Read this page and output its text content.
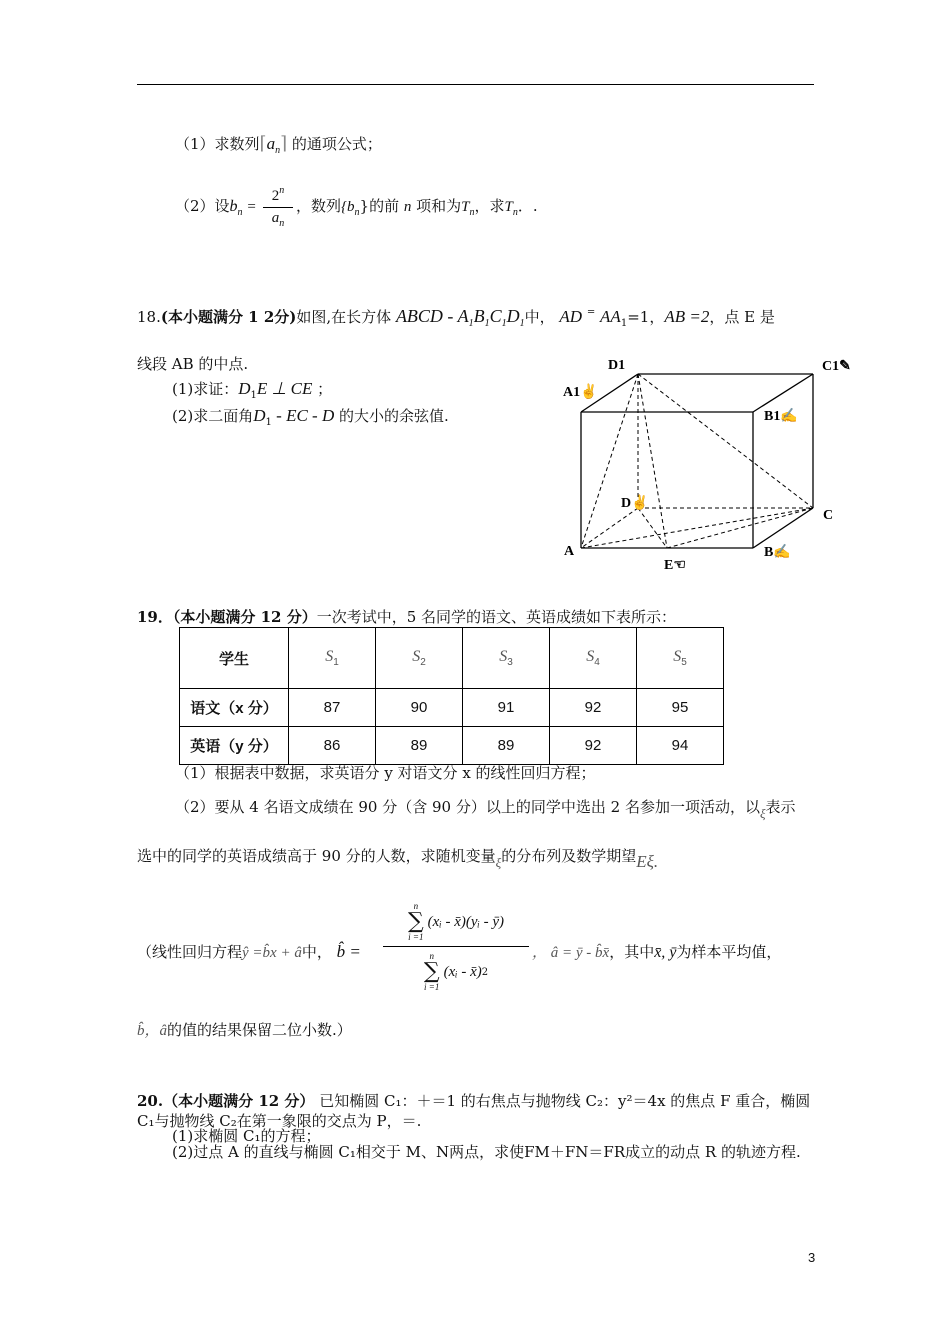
（1）求数列$⌈a_n⌉$ 的通项公式；
（2）设$b_n$ =
$2^n$
$a_n$
，数列$\{b_n\}$的前 n 项和为$T_n$，求$T_n$．.
18.(本小题满分 1 2分)如图,在长方体 ABCD - $A_1B_1C_1D_1$中， AD = $AA_1=1$，AB =2，点 E 是
线段 AB 的中点.
(1)求证：$D_1E$ ⊥ CE ；
(2)求二面角$D_1$ - EC - D 的大小的余弦值.
D1	C1✎
A1✌
B1✍
D✌
C
A	B✍
E☜
19．（本小题满分 12 分）一次考试中，5 名同学的语文、英语成绩如下表所示：
学生	$S_1$	$S_2$	$S_3$	$S_4$	$S_5$
语文（x 分）	87	90	91	92	95
英语（y 分）	86	89	89	92	94
（1）根据表中数据，求英语分 y 对语文分 x 的线性回归方程；
（2）要从 4 名语文成绩在 90 分（含 90 分）以上的同学中选出 2 名参加一项活动，以ξ表示
选中的同学的英语成绩高于 90 分的人数，求随机变量ξ的分布列及数学期望Eξ.
（线性回归方程ŷ =b̂x + â中， b̂ =
n
∑
i =1
(xᵢ - x̄)(yᵢ - ȳ)
n
∑
i =1
(xᵢ - x̄) 2
， â = ȳ - b̂x̄，其中x̄, ȳ为样本平均值，
b̂，â的值的结果保留二位小数.）
20.（本小题满分 12 分） 已知椭圆 C₁：＋＝1 的右焦点与抛物线 C₂：y²＝4x 的焦点 F 重合，椭圆
C₁与抛物线 C₂在第一象限的交点为 P，＝.
(1)求椭圆 C₁的方程；
(2)过点 A 的直线与椭圆 C₁相交于 M、N两点，求使FM＋FN＝FR成立的动点 R 的轨迹方程.
3
